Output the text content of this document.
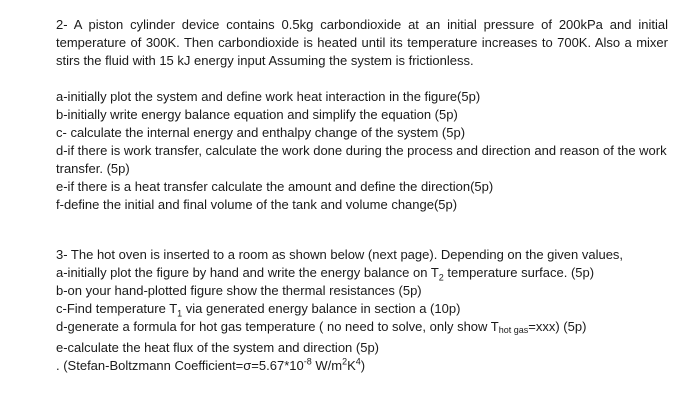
2- A piston cylinder device contains 0.5kg carbondioxide at an initial pressure of 200kPa and initial temperature of 300K. Then carbondioxide is heated until its temperature increases to 700K. Also a mixer stirs the fluid with 15 kJ energy input Assuming the system is frictionless.

a-initially plot the system and define work heat interaction in the figure(5p)
b-initially write energy balance equation and simplify the equation (5p)
c- calculate the internal energy and enthalpy change of the system (5p)
d-if there is work transfer, calculate the work done during the process and direction and reason of the work transfer. (5p)
e-if there is a heat transfer calculate the amount and define the direction(5p)
f-define the initial and final volume of the tank and volume change(5p)

3- The hot oven is inserted to a room as shown below (next page). Depending on the given values,

a-initially plot the figure by hand and write the energy balance on $T_2$ temperature surface. (5p)
b-on your hand-plotted figure show the thermal resistances (5p)
c-Find temperature $T_1$ via generated energy balance in section a (10p)
d-generate a formula for hot gas temperature ( no need to solve, only show Thot gas=xxx) (5p)
e-calculate the heat flux of the system and direction (5p)
. (Stefan-Boltzmann $Coefficient=\sigma=5.67*10^{-8}$ $W/m^2K^4$)
